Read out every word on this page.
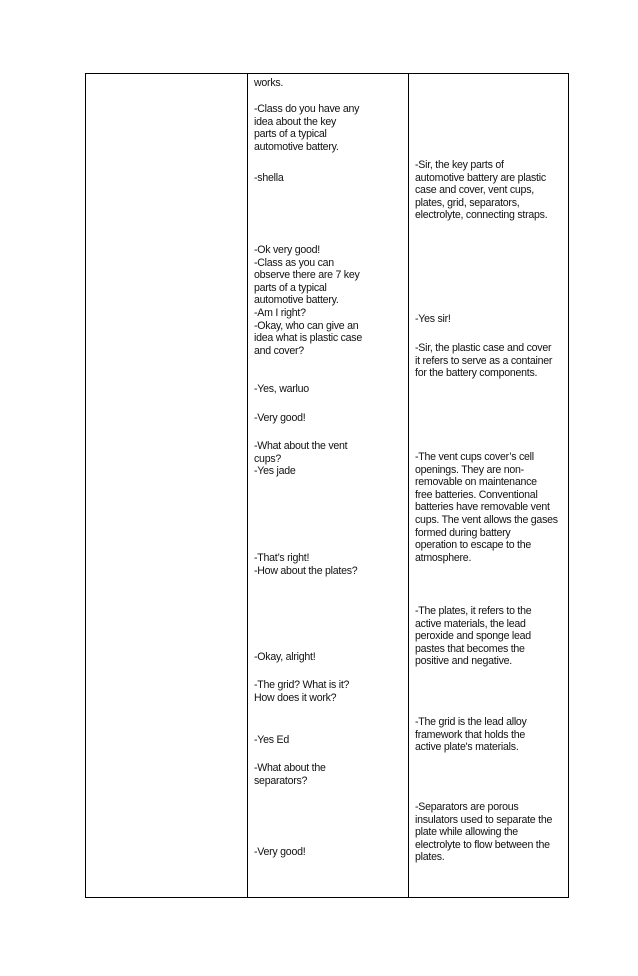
works.

-Class do you have any
idea about the key
parts of a typical
automotive battery.

-shella

-Ok very good!
-Class as you can
observe there are 7 key
parts of a typical
automotive battery.
-Am I right?
-Okay, who can give an
idea what is plastic case
and cover?

-Yes, warluo

-Very good!

-What about the vent
cups?
-Yes jade

-That’s right!
-How about the plates?

-Okay, alright!

-The grid? What is it?
How does it work?

-Yes Ed

-What about the
separators?

-Very good!

-Sir, the key parts of
automotive battery are plastic
case and cover, vent cups,
plates, grid, separators,
electrolyte, connecting straps.

-Yes sir!

-Sir, the plastic case and cover
it refers to serve as a container
for the battery components.

-The vent cups cover’s cell
openings. They are non-
removable on maintenance
free batteries. Conventional
batteries have removable vent
cups. The vent allows the gases
formed during battery
operation to escape to the
atmosphere.

-The plates, it refers to the
active materials, the lead
peroxide and sponge lead
pastes that becomes the
positive and negative.

-The grid is the lead alloy
framework that holds the
active plate's materials.

-Separators are porous
insulators used to separate the
plate while allowing the
electrolyte to flow between the
plates.
